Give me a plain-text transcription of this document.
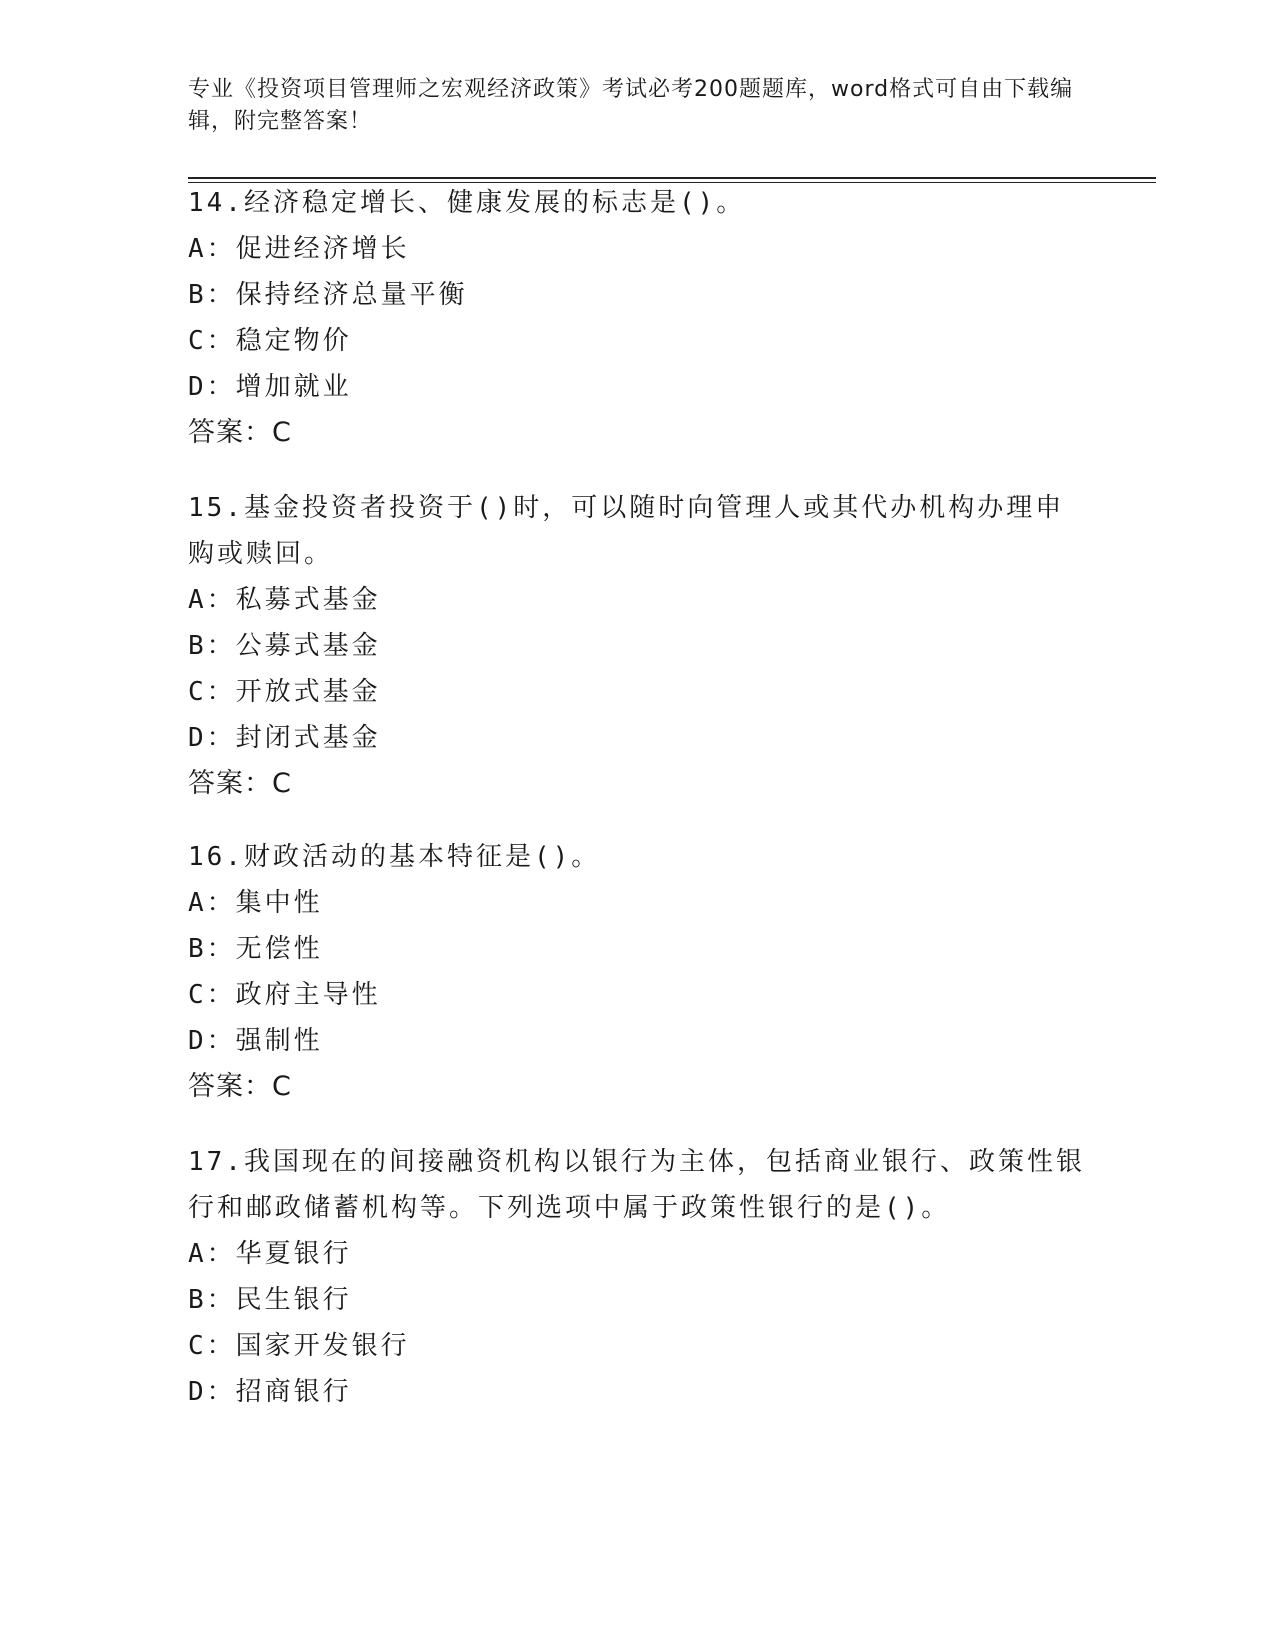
专业《投资项目管理师之宏观经济政策》考试必考200题题库，word格式可自由下载编辑，附完整答案！

14.经济稳定增长、健康发展的标志是()。

A：促进经济增长

B：保持经济总量平衡

C：稳定物价

D：增加就业

答案：C

15.基金投资者投资于()时，可以随时向管理人或其代办机构办理申购或赎回。

A：私募式基金

B：公募式基金

C：开放式基金

D：封闭式基金

答案：C

16.财政活动的基本特征是()。

A：集中性

B：无偿性

C：政府主导性

D：强制性

答案：C

17.我国现在的间接融资机构以银行为主体，包括商业银行、政策性银行和邮政储蓄机构等。下列选项中属于政策性银行的是()。

A：华夏银行

B：民生银行

C：国家开发银行

D：招商银行
